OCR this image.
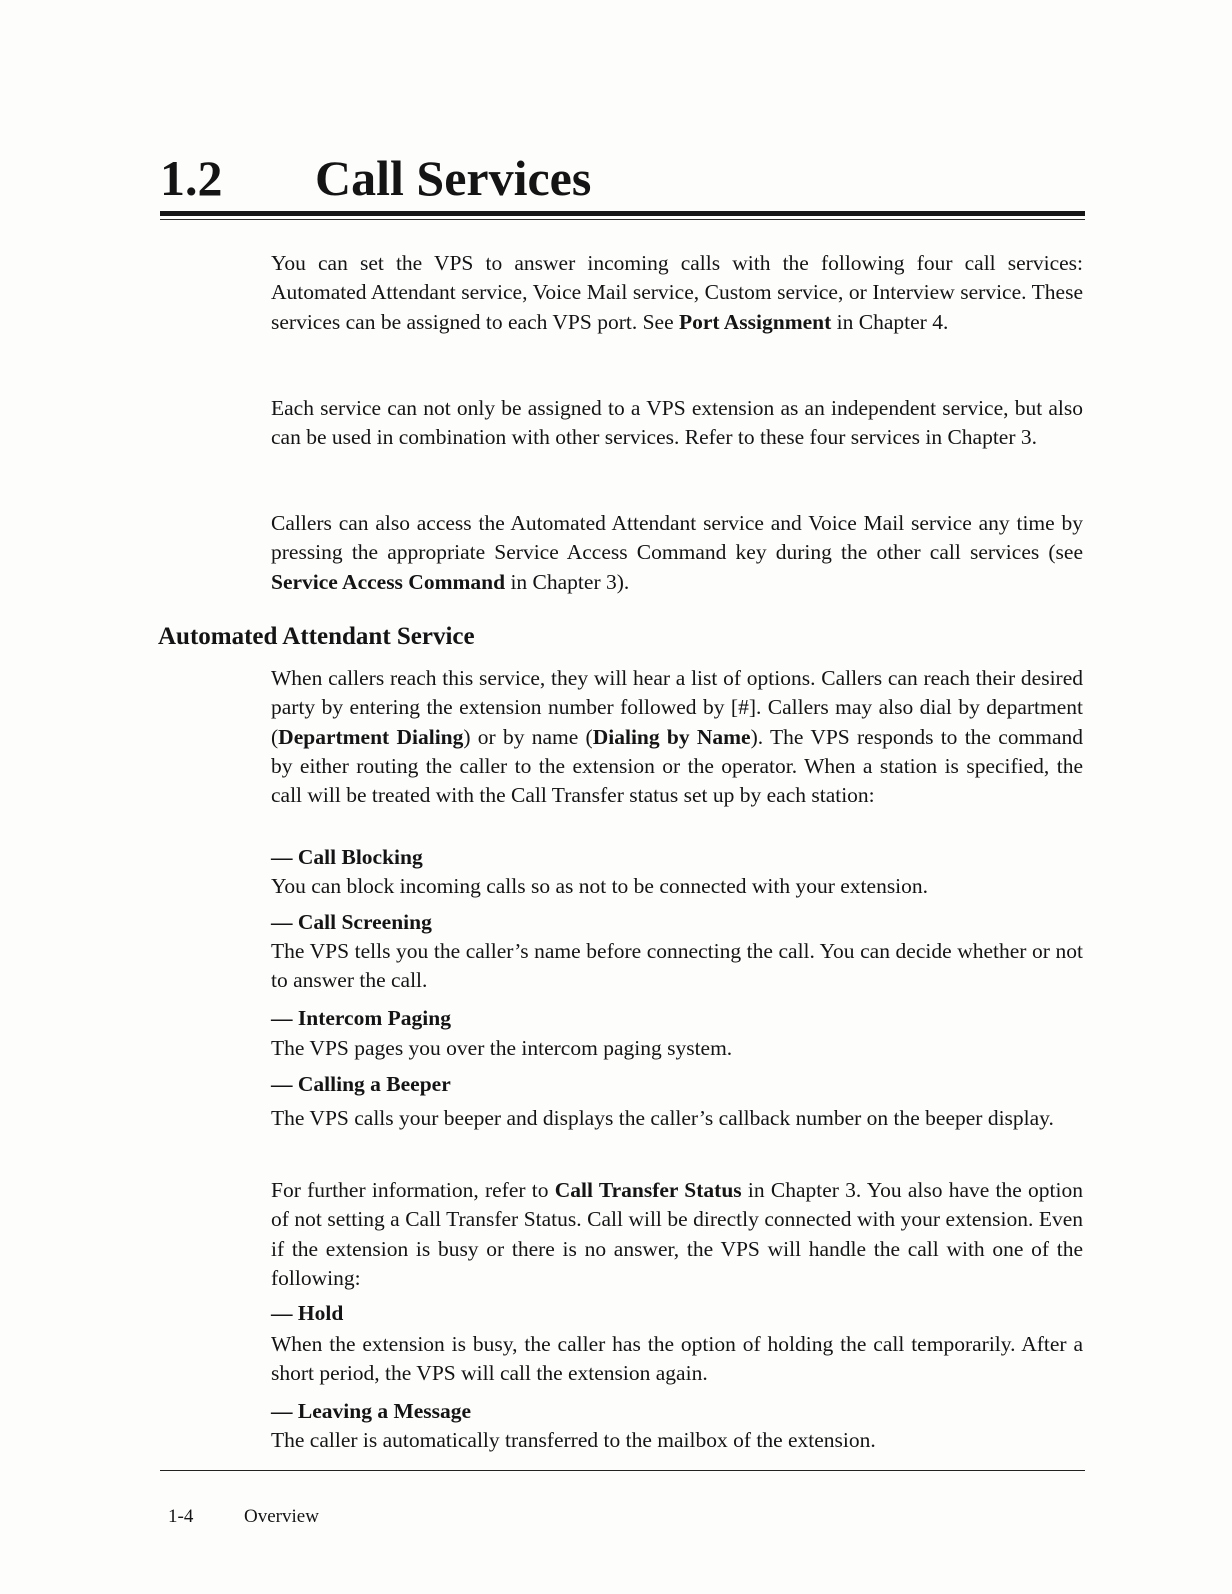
1.2 Call Services

You can set the VPS to answer incoming calls with the following four call services: Automated Attendant service, Voice Mail service, Custom service, or Interview service. These services can be assigned to each VPS port. See Port Assignment in Chapter 4.

Each service can not only be assigned to a VPS extension as an independent service, but also can be used in combination with other services. Refer to these four services in Chapter 3.

Callers can also access the Automated Attendant service and Voice Mail service any time by pressing the appropriate Service Access Command key during the other call services (see Service Access Command in Chapter 3).

Automated Attendant Service

When callers reach this service, they will hear a list of options. Callers can reach their desired party by entering the extension number followed by [#]. Callers may also dial by department (Department Dialing) or by name (Dialing by Name). The VPS responds to the command by either routing the caller to the extension or the operator. When a station is specified, the call will be treated with the Call Transfer status set up by each station:

— Call Blocking

You can block incoming calls so as not to be connected with your extension.

— Call Screening

The VPS tells you the caller’s name before connecting the call. You can decide whether or not to answer the call.

— Intercom Paging

The VPS pages you over the intercom paging system.

— Calling a Beeper

The VPS calls your beeper and displays the caller’s callback number on the beeper display.

For further information, refer to Call Transfer Status in Chapter 3. You also have the option of not setting a Call Transfer Status. Call will be directly connected with your extension. Even if the extension is busy or there is no answer, the VPS will handle the call with one of the following:

— Hold

When the extension is busy, the caller has the option of holding the call temporarily. After a short period, the VPS will call the extension again.

— Leaving a Message

The caller is automatically transferred to the mailbox of the extension.

1-4	Overview
